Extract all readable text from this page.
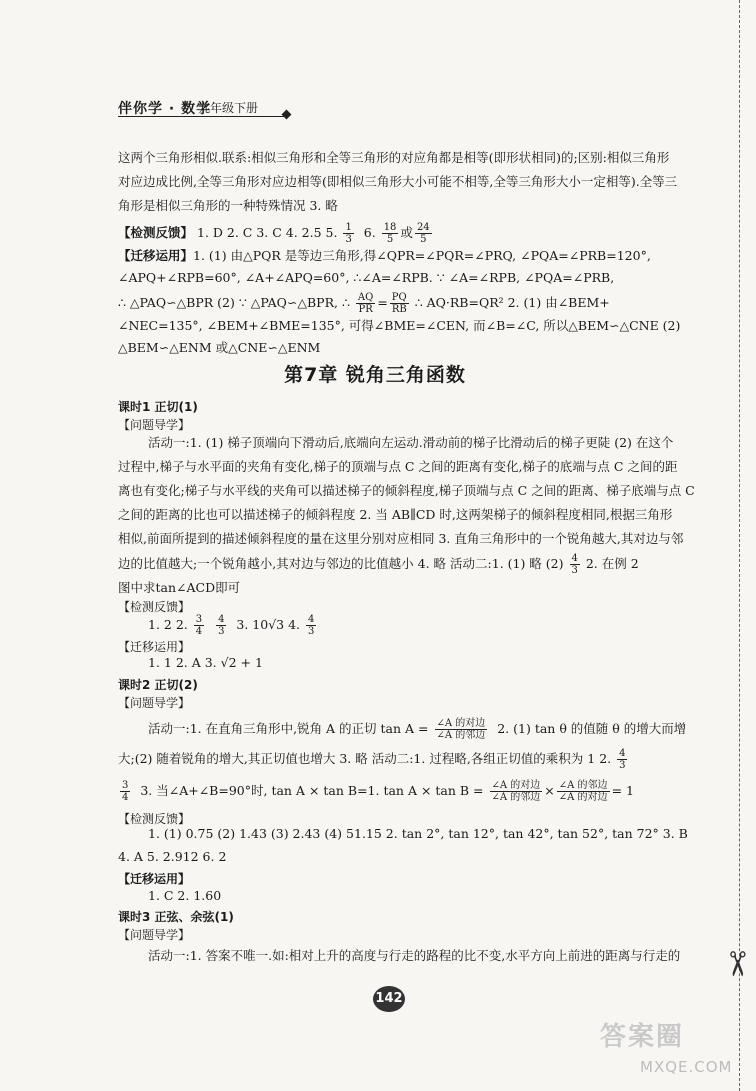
伴你学 · 数学
九年级下册
这两个三角形相似.联系:相似三角形和全等三角形的对应角都是相等(即形状相同)的;区别:相似三角形
对应边成比例,全等三角形对应边相等(即相似三角形大小可能不相等,全等三角形大小一定相等).全等三
角形是相似三角形的一种特殊情况 3. 略
【检测反馈】 1. D 2. C 3. C 4. 2.5 5. $\frac{1}{3} 6$. $\frac{18}{5}$ 或 $\frac{24}{5}$
【迁移运用】1. (1) 由△PQR 是等边三角形,得∠QPR=∠PQR=∠PRQ, ∠PQA=∠PRB=120°,
∠APQ+∠RPB=60°, ∠A+∠APQ=60°, ∴∠A=∠RPB. ∵ ∠A=∠RPB, ∠PQA=∠PRB,
∴ △PAQ∽△BPR (2) ∵ △PAQ∽△BPR, ∴ $\frac{AQ}{PR} = \frac{PQ}{RB}$ ∴ AQ·RB=QR² 2. (1) 由∠BEM+
∠NEC=135°, ∠BEM+∠BME=135°, 可得∠BME=∠CEN, 而∠B=∠C, 所以△BEM∽△CNE (2)
△BEM∽△ENM 或△CNE∽△ENM
第7章 锐角三角函数
课时1 正切(1)
【问题导学】
活动一:1. (1) 梯子顶端向下滑动后,底端向左运动.滑动前的梯子比滑动后的梯子更陡 (2) 在这个
过程中,梯子与水平面的夹角有变化,梯子的顶端与点 C 之间的距离有变化,梯子的底端与点 C 之间的距
离也有变化;梯子与水平线的夹角可以描述梯子的倾斜程度,梯子顶端与点 C 之间的距离、梯子底端与点 C
之间的距离的比也可以描述梯子的倾斜程度 2. 当 AB∥CD 时,这两架梯子的倾斜程度相同,根据三角形
相似,前面所提到的描述倾斜程度的量在这里分别对应相同 3. 直角三角形中的一个锐角越大,其对边与邻
边的比值越大;一个锐角越小,其对边与邻边的比值越小 4. 略 活动二:1. (1) 略 $(2) \frac{4}{3} 2$. 在例 2
图中求tan∠ACD即可
【检测反馈】
1. 2 2. $\frac{3}{4}$
$\frac{4}{3} 3$. 10√3 4. $\frac{4}{3}$
【迁移运用】
1. 1 2. A 3. √2 + 1
课时2 正切(2)
【问题导学】
活动一:1. 在直角三角形中,锐角 A 的正切 $\tan A = \frac{\text{∠A 的对边}}{\text{∠A 的邻边}} 2$. (1) tan θ 的值随 θ 的增大而增
大;(2) 随着锐角的增大,其正切值也增大 3. 略 活动二:1. 过程略,各组正切值的乘积为 1 2. $\frac{4}{3}$
$\frac{3}{4} 3$. 当∠A+∠B=90°时, tan A × tan B=1. $\tan A \times \tan B = \frac{\text{∠A 的对边}}{\text{∠A 的邻边}} \times \frac{\text{∠A 的邻边}}{\text{∠A 的对边}} = 1$
【检测反馈】
1. (1) 0.75 (2) 1.43 (3) 2.43 (4) 51.15 2. tan 2°, tan 12°, tan 42°, tan 52°, tan 72° 3. B
4. A 5. 2.912 6. 2
【迁移运用】
1. C 2. 1.60
课时3 正弦、余弦(1)
【问题导学】
活动一:1. 答案不唯一.如:相对上升的高度与行走的路程的比不变,水平方向上前进的距离与行走的
142
✂
答案圈
MXQE.COM
